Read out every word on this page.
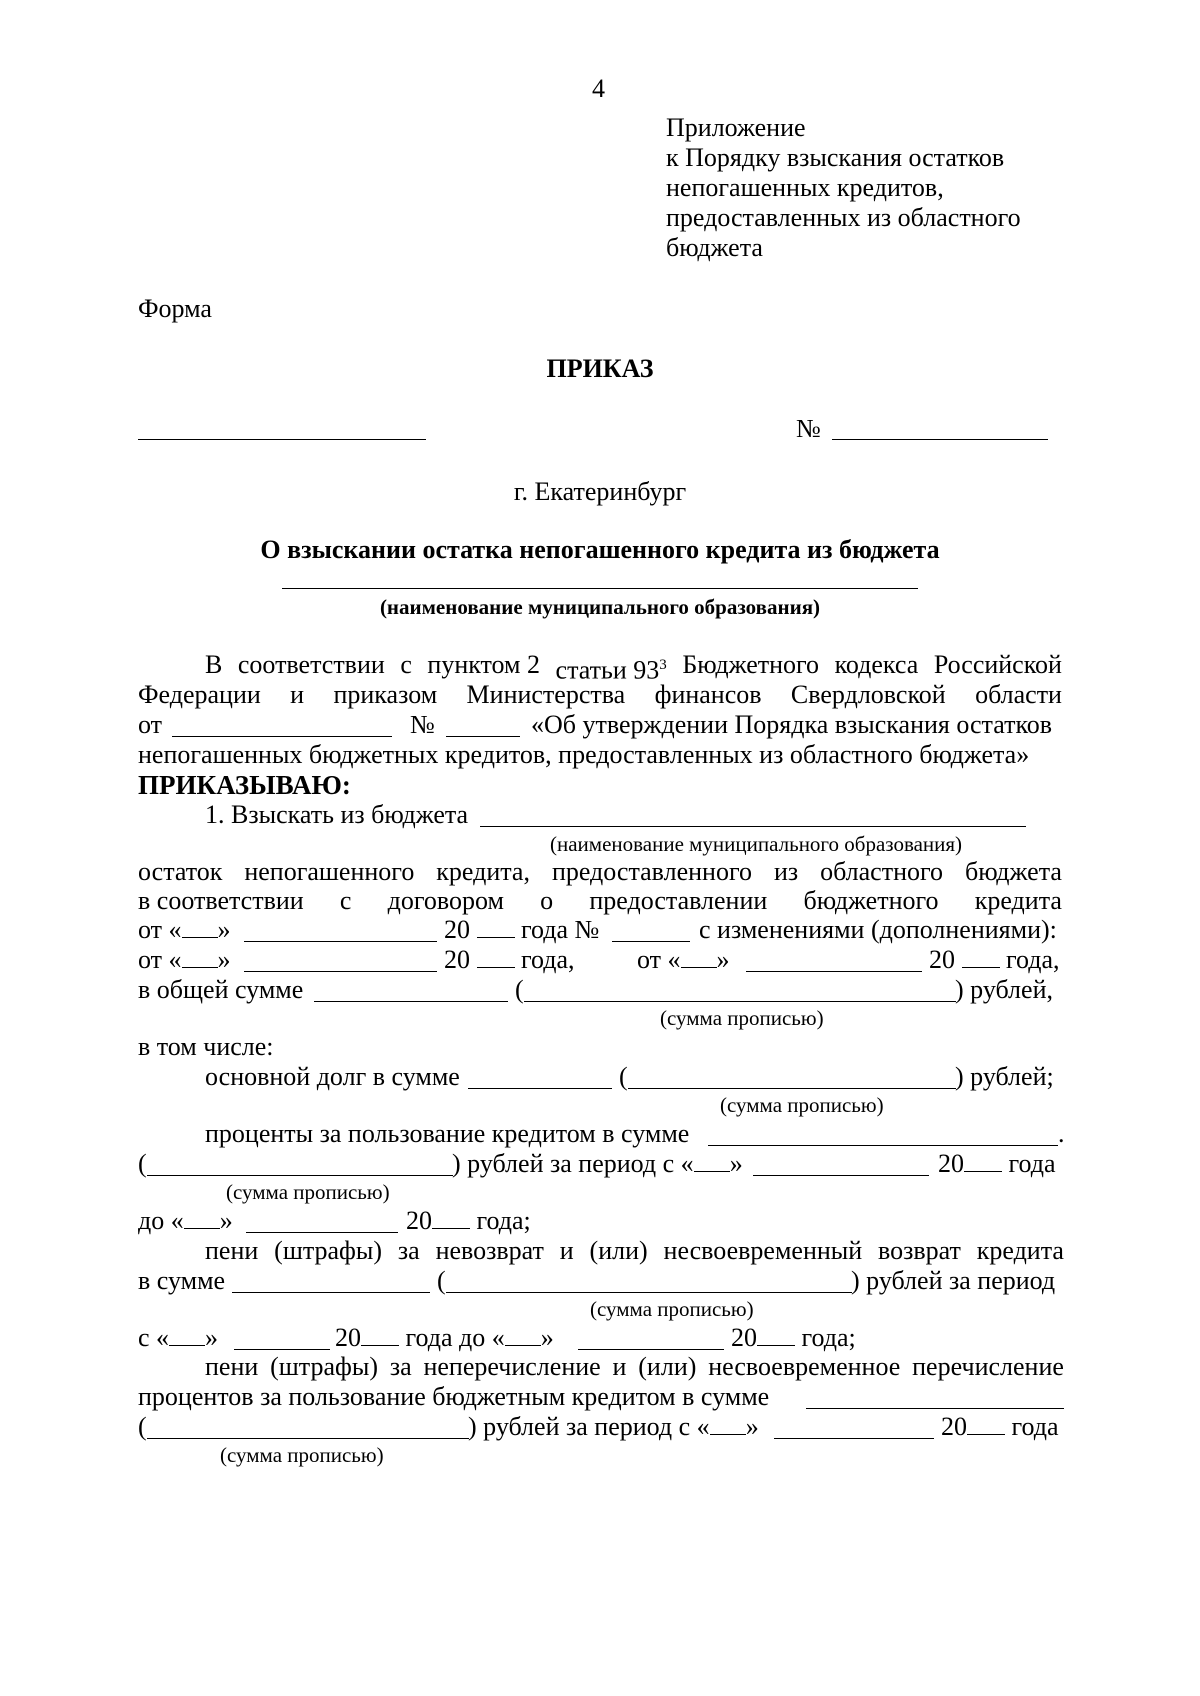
4

Приложение

к Порядку взыскания остатков

непогашенных кредитов,

предоставленных из областного

бюджета

Форма

ПРИКАЗ

№

г. Екатеринбург

О взыскании остатка непогашенного кредита из бюджета

(наименование муниципального образования)

В соответствии с пунктом 2 статьи $93^3$ Бюджетного кодекса Российской
Федерации и приказом Министерства финансов Свердловской области

от	№	«Об утверждении Порядка взыскания остатков

непогашенных бюджетных кредитов, предоставленных из областного бюджета»

ПРИКАЗЫВАЮ:

1. Взыскать из бюджета

(наименование муниципального образования)

остаток непогашенного кредита, предоставленного из областного бюджета
в соответствии с договором о предоставлении бюджетного кредита

от « »	20 года №	с изменениями (дополнениями):

от « »	20 года, от « »	20 года,

в общей сумме	(	) рублей,

(сумма прописью)

в том числе:

основной долг в сумме	(	) рублей;

(сумма прописью)

проценты за пользование кредитом в сумме	.

(	) рублей за период с « »	20 года

(сумма прописью)

до « »	20 года;

пени (штрафы) за невозврат и (или) несвоевременный возврат кредита

в сумме	(	) рублей за период

(сумма прописью)

с « »	20 года до « »	20 года;

пени (штрафы) за неперечисление и (или) несвоевременное перечисление

процентов за пользование бюджетным кредитом в сумме

(	) рублей за период с « »	20 года

(сумма прописью)
